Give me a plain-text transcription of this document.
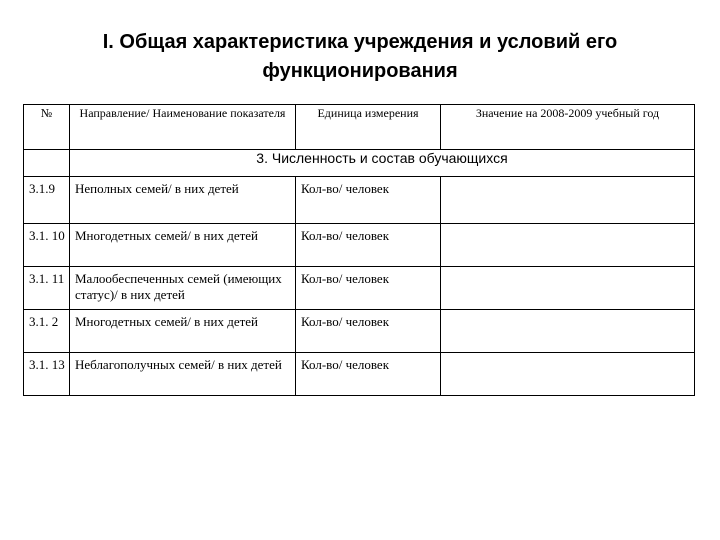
I. Общая характеристика учреждения и условий его
функционирования
№	Направление/ Наименование показателя	Единица измерения	Значение на 2008-2009 учебный год
	3. Численность и состав обучающихся		

3.1.9	Неполных семей/ в них детей	Кол-во/ человек	

3.1. 10	Многодетных семей/ в них детей	Кол-во/ человек	

3.1. 11	Малообеспеченных семей (имеющих статус)/ в них детей	Кол-во/ человек	

3.1. 2	Многодетных семей/ в них детей	Кол-во/ человек	

3.1. 13	Неблагополучных семей/ в них детей	Кол-во/ человек	
